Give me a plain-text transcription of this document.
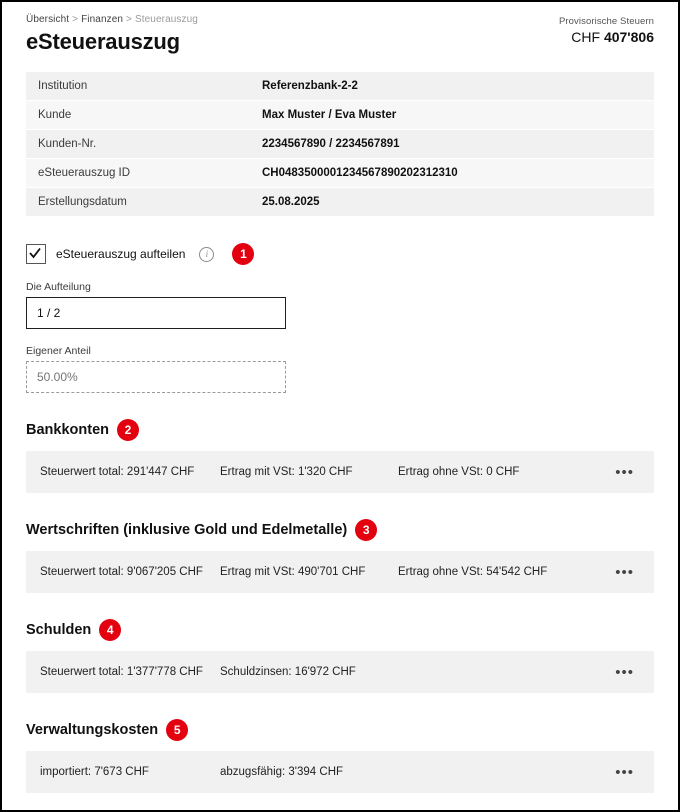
Übersicht > Finanzen > Steuerauszug
eSteuerauszug
Provisorische Steuern
CHF 407'806
Institution	Referenzbank-2-2
Kunde	Max Muster / Eva Muster
Kunden-Nr.	2234567890 / 2234567891
eSteuerauszug ID	CH0483500001234567890202312310
Erstellungsdatum	25.08.2025
eSteuerauszug aufteilen	i	1
Die Aufteilung
1 / 2
Eigener Anteil
50.00%
Bankkonten	2
Steuerwert total: 291'447 CHF	Ertrag mit VSt: 1'320 CHF	Ertrag ohne VSt: 0 CHF	•••
Wertschriften (inklusive Gold und Edelmetalle)	3
Steuerwert total: 9'067'205 CHF	Ertrag mit VSt: 490'701 CHF	Ertrag ohne VSt: 54'542 CHF	•••
Schulden	4
Steuerwert total: 1'377'778 CHF	Schuldzinsen: 16'972 CHF	•••
Verwaltungskosten	5
importiert: 7'673 CHF	abzugsfähig: 3'394 CHF	•••
